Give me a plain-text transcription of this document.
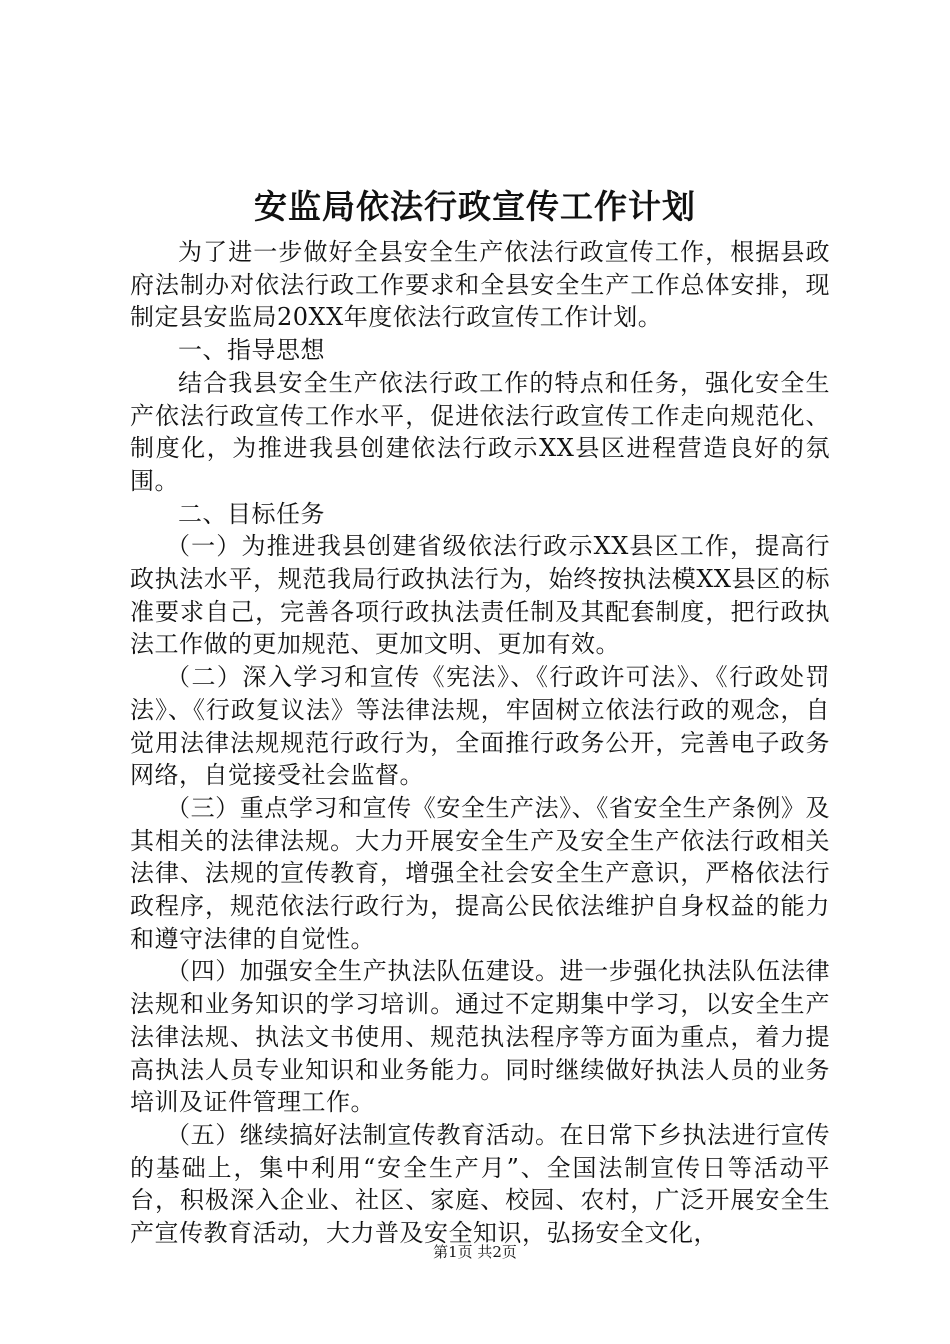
安监局依法行政宣传工作计划

为了进一步做好全县安全生产依法行政宣传工作，根据县政府法制办对依法行政工作要求和全县安全生产工作总体安排，现制定县安监局20XX年度依法行政宣传工作计划。

一、指导思想

结合我县安全生产依法行政工作的特点和任务，强化安全生产依法行政宣传工作水平，促进依法行政宣传工作走向规范化、制度化，为推进我县创建依法行政示XX县区进程营造良好的氛围。

二、目标任务

（一）为推进我县创建省级依法行政示XX县区工作，提高行政执法水平，规范我局行政执法行为，始终按执法模XX县区的标准要求自己，完善各项行政执法责任制及其配套制度，把行政执法工作做的更加规范、更加文明、更加有效。

（二）深入学习和宣传《宪法》、《行政许可法》、《行政处罚法》、《行政复议法》等法律法规，牢固树立依法行政的观念，自觉用法律法规规范行政行为，全面推行政务公开，完善电子政务网络，自觉接受社会监督。

（三）重点学习和宣传《安全生产法》、《省安全生产条例》及其相关的法律法规。大力开展安全生产及安全生产依法行政相关法律、法规的宣传教育，增强全社会安全生产意识，严格依法行政程序，规范依法行政行为，提高公民依法维护自身权益的能力和遵守法律的自觉性。

（四）加强安全生产执法队伍建设。进一步强化执法队伍法律法规和业务知识的学习培训。通过不定期集中学习，以安全生产法律法规、执法文书使用、规范执法程序等方面为重点，着力提高执法人员专业知识和业务能力。同时继续做好执法人员的业务培训及证件管理工作。

（五）继续搞好法制宣传教育活动。在日常下乡执法进行宣传的基础上，集中利用“安全生产月”、全国法制宣传日等活动平台，积极深入企业、社区、家庭、校园、农村，广泛开展安全生产宣传教育活动，大力普及安全知识，弘扬安全文化，

第1页 共2页
